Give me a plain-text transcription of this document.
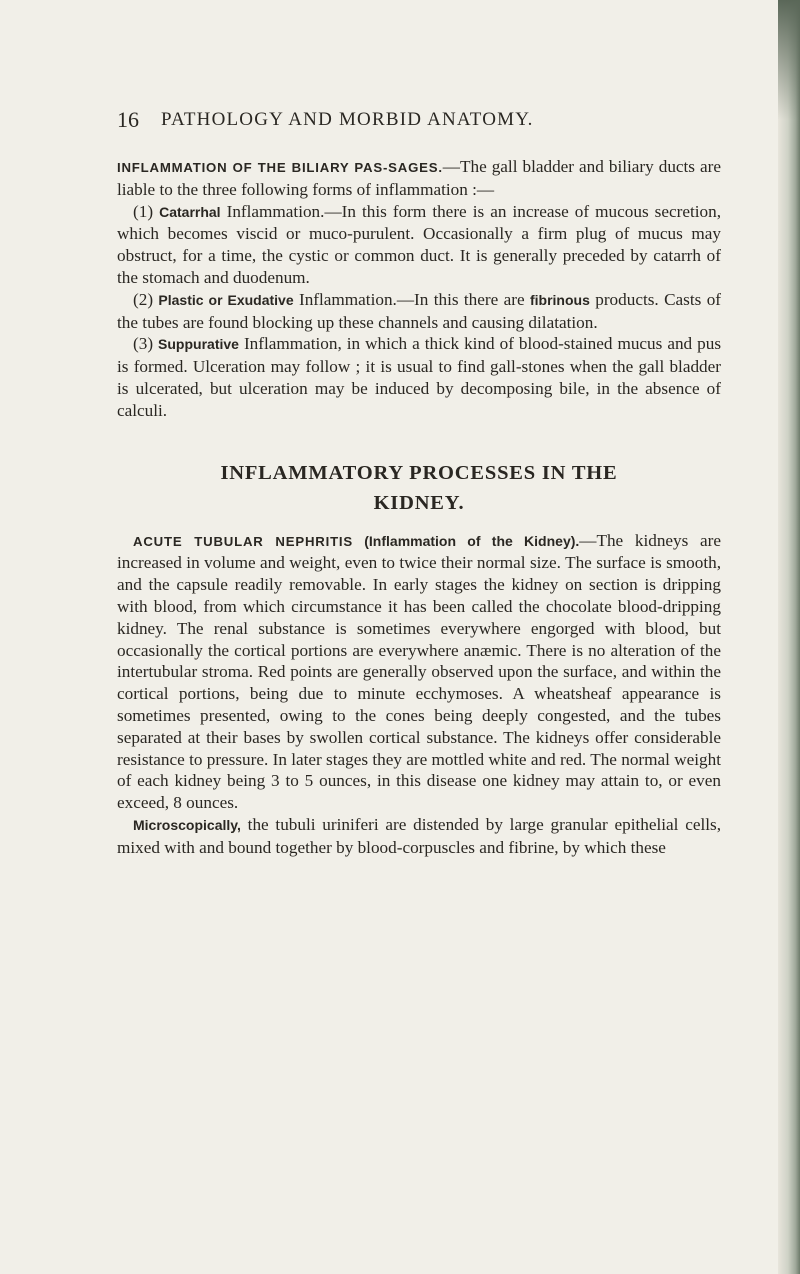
16 PATHOLOGY AND MORBID ANATOMY.

INFLAMMATION OF THE BILIARY PAS-SAGES.—The gall bladder and biliary ducts are liable to the three following forms of inflammation :—

(1) Catarrhal Inflammation.—In this form there is an increase of mucous secretion, which becomes viscid or muco-purulent. Occasionally a firm plug of mucus may obstruct, for a time, the cystic or common duct. It is generally preceded by catarrh of the stomach and duodenum.

(2) Plastic or Exudative Inflammation.—In this there are fibrinous products. Casts of the tubes are found blocking up these channels and causing dilatation.

(3) Suppurative Inflammation, in which a thick kind of blood-stained mucus and pus is formed. Ulceration may follow ; it is usual to find gall-stones when the gall bladder is ulcerated, but ulceration may be induced by decomposing bile, in the absence of calculi.

INFLAMMATORY PROCESSES IN THE
KIDNEY.

ACUTE TUBULAR NEPHRITIS (Inflammation of the Kidney).—The kidneys are increased in volume and weight, even to twice their normal size. The surface is smooth, and the capsule readily removable. In early stages the kidney on section is dripping with blood, from which circumstance it has been called the chocolate blood-dripping kidney. The renal substance is sometimes everywhere engorged with blood, but occasionally the cortical portions are everywhere anæmic. There is no alteration of the intertubular stroma. Red points are generally observed upon the surface, and within the cortical portions, being due to minute ecchymoses. A wheatsheaf appearance is sometimes presented, owing to the cones being deeply congested, and the tubes separated at their bases by swollen cortical substance. The kidneys offer considerable resistance to pressure. In later stages they are mottled white and red. The normal weight of each kidney being 3 to 5 ounces, in this disease one kidney may attain to, or even exceed, 8 ounces.

Microscopically, the tubuli uriniferi are distended by large granular epithelial cells, mixed with and bound together by blood-corpuscles and fibrine, by which these
